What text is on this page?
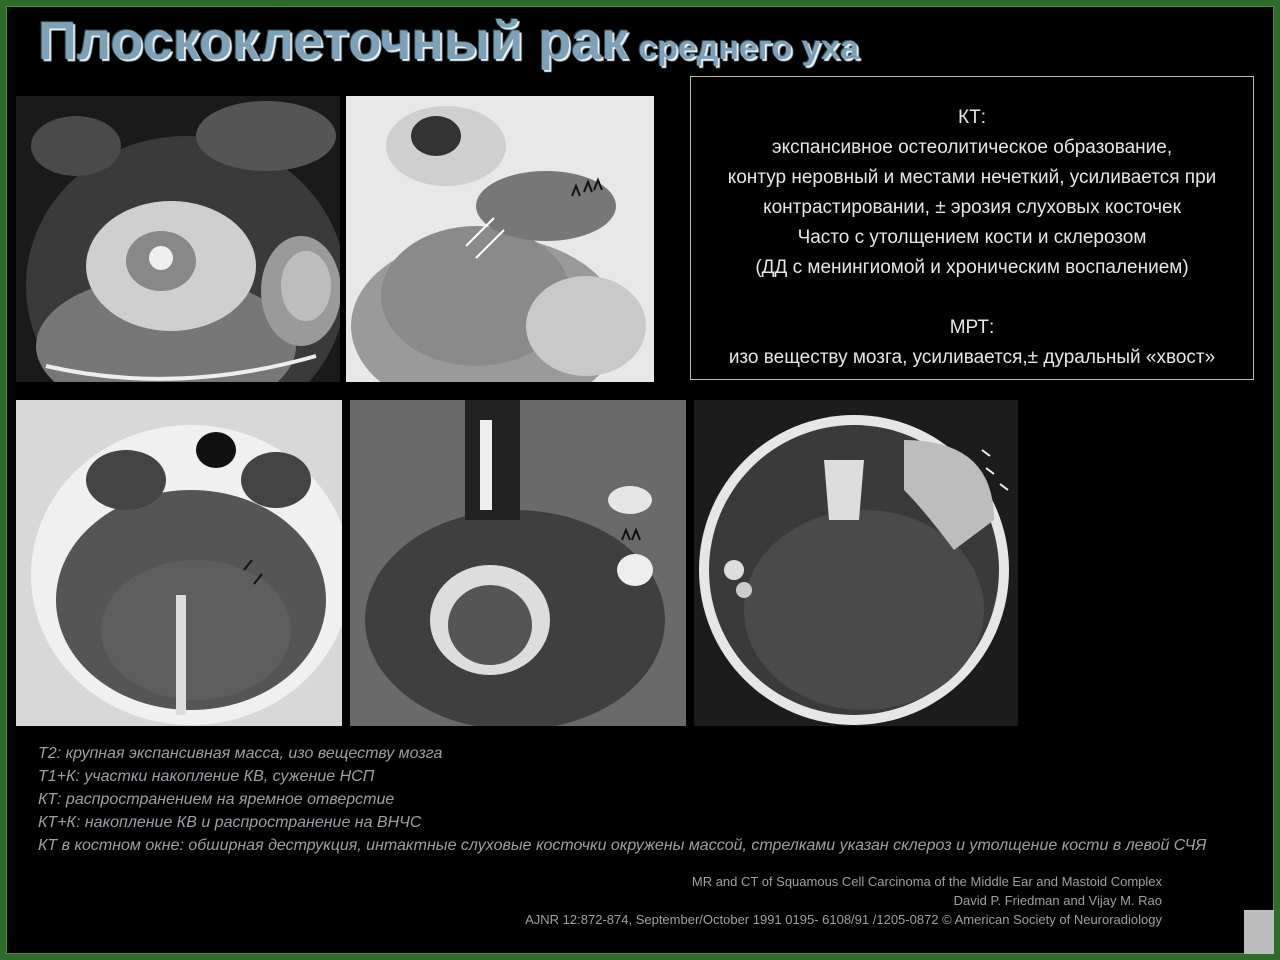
Плоскоклеточный рак среднего уха
КТ:
экспансивное остеолитическое образование,
контур неровный и местами нечеткий, усиливается при
контрастировании, ± эрозия слуховых косточек
Часто с утолщением кости и склерозом
(ДД с менингиомой и хроническим воспалением)
МРТ:
изо веществу мозга, усиливается,± дуральный «хвост»
Т2: крупная экспансивная масса, изо веществу мозга
Т1+К: участки накопление КВ, сужение НСП
КТ: распространением на яремное отверстие
КТ+К: накопление КВ и распространение на ВНЧС
КТ в костном окне: обширная деструкция, интактные слуховые косточки окружены массой, стрелками указан склероз и утолщение кости в левой СЧЯ
MR and CT of Squamous Cell Carcinoma of the Middle Ear and Mastoid Complex
David P. Friedman and Vijay M. Rao
AJNR 12:872-874, September/October 1991 0195- 6108/91 /1205-0872 © American Society of Neuroradiology
